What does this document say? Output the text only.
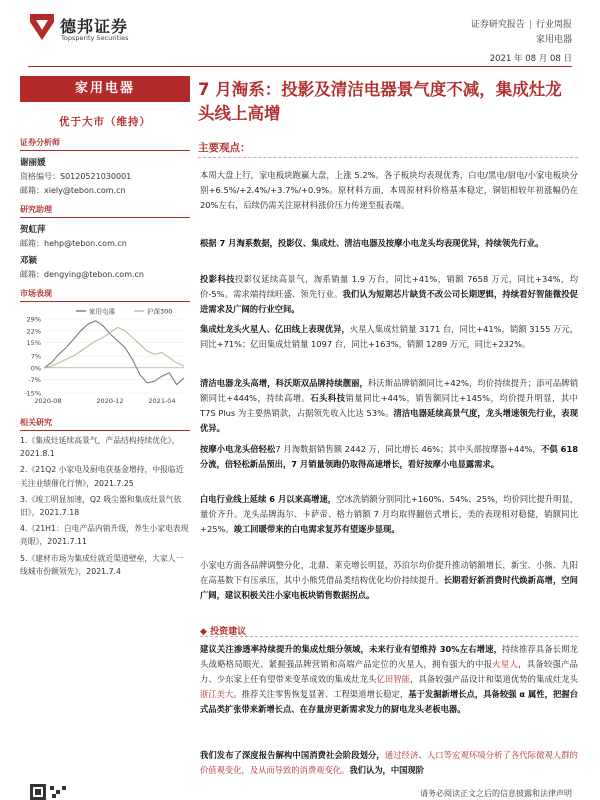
德邦证券
Topsperity Securities
证券研究报告 | 行业周报
家用电器
2021 年 08 月 08 日
家用电器
优于大市（维持）
证券分析师
谢丽媛
资格编号：S0120521030001
邮箱：xiely@tebon.com.cn
研究助理
贺虹萍
邮箱：hehp@tebon.com.cn
邓颖
邮箱：dengying@tebon.com.cn
市场表现
29%
22%
15%
7%
0%
-7%
-15%
2020-08	2020-12	2021-04
家用电器	沪深300
相关研究
1.《集成灶延续高景气，产品结构持续优化》，2021.8.1
2.《21Q2 小家电及厨电获基金增持，中报临近关注业绩催化行情》，2021.7.25
3.《竣工明显加速，Q2 吸尘器和集成灶景气依旧》，2021.7.18
4.《21H1：白电产品内销升级，养生小家电表现亮眼》，2021.7.11
5.《建材市场为集成灶就近渠道壁垒，大家人一线城市份额领先》，2021.7.4
7 月淘系：投影及清洁电器景气度不减，集成灶龙头线上高增
主要观点：
本周大盘上行，家电板块跑赢大盘，上涨 5.2%。各子板块均表现优秀，白电/黑电/厨电/小家电板块分别+6.5%/+2.4%/+3.7%/+0.9%。原材料方面，本周原材料价格基本稳定，铜铝相较年初涨幅仍在 20%左右，后续仍需关注原材料涨价压力传递至报表端。
根据 7 月淘系数据，投影仪、集成灶、清洁电器及按摩小电龙头均表现优异，持续领先行业。
投影科技投影仪延续高景气，淘系销量 1.9 万台，同比+41%，销额 7658 万元，同比+34%，均价-5%。需求端持续旺盛、领先行业。我们认为短期芯片缺货不改公司长期逻辑，持续看好智能微投促进需求及广阔的行业空间。
集成灶龙头火星人、亿田线上表现优异，火星人集成灶销量 3171 台，同比+41%，销额 3155 万元，同比+71%；亿田集成灶销量 1097 台，同比+163%，销额 1289 万元，同比+232%。
清洁电器龙头高增，科沃斯双品牌持续靓丽，科沃斯品牌销额同比+42%，均价持续提升；添可品牌销额同比+444%，持续高增。石头科技销量同比+44%，销售额同比+145%，均价提升明显，其中 T7S Plus 为主要热销款，占据领先收入比达 53%。清洁电器延续高景气度，龙头增速领先行业，表现优异。
按摩小电龙头倍轻松7 月淘数据销售额 2442 万，同比增长 46%；其中头部按摩器+44%，不俱 618 分流，倍轻松新品预出，7 月销量领跑仍取得高速增长，看好按摩小电显露需求。
白电行业线上延续 6 月以来高增速，空冰洗销额分别同比+160%、54%、25%，均价同比提升明显，量价齐升。龙头品牌海尔、卡萨帝、格力销额 7 月均取得翻倍式增长，美的表现相对稳健，销额同比+25%。竣工回暖带来的白电需求复苏有望逐步显现。
小家电方面各品牌调整分化，北鼎、莱克增长明显，苏泊尔均价提升推动销额增长，新宝、小熊、九阳在高基数下有压承压，其中小熊凭借品类结构优化均价持续提升。长期看好新消费时代焕新高增，空间广阔，建议积极关注小家电板块销售数据拐点。
建议关注渗透率持续提升的集成灶细分领域，未来行业有望维持 30%左右增速，持续推荐具备长期龙头战略格局眼光、紧握强品牌营销和高端产品定位的火星人，拥有强大的中报火星人，具备较强产品力、少东家上任有望带来变革成效的集成灶龙头亿田智能，具备较强产品设计和渠道优势的集成灶龙头浙江美大。推荐关注零售恢复显著、工程渠道增长稳定，基于发掘新增长点，具备较强 α 属性，把握台式品类扩张带来新增长点、在存量房更新需求发力的厨电龙头老板电器。
我们发布了深度报告解构中国消费社会阶段划分，通过经济、人口等宏观环境分析了各代际微观人群的价值观变化，及从而导致的消费观变化。我们认为，中国现阶
◆ 投资建议
请务必阅读正文之后的信息披露和法律声明
